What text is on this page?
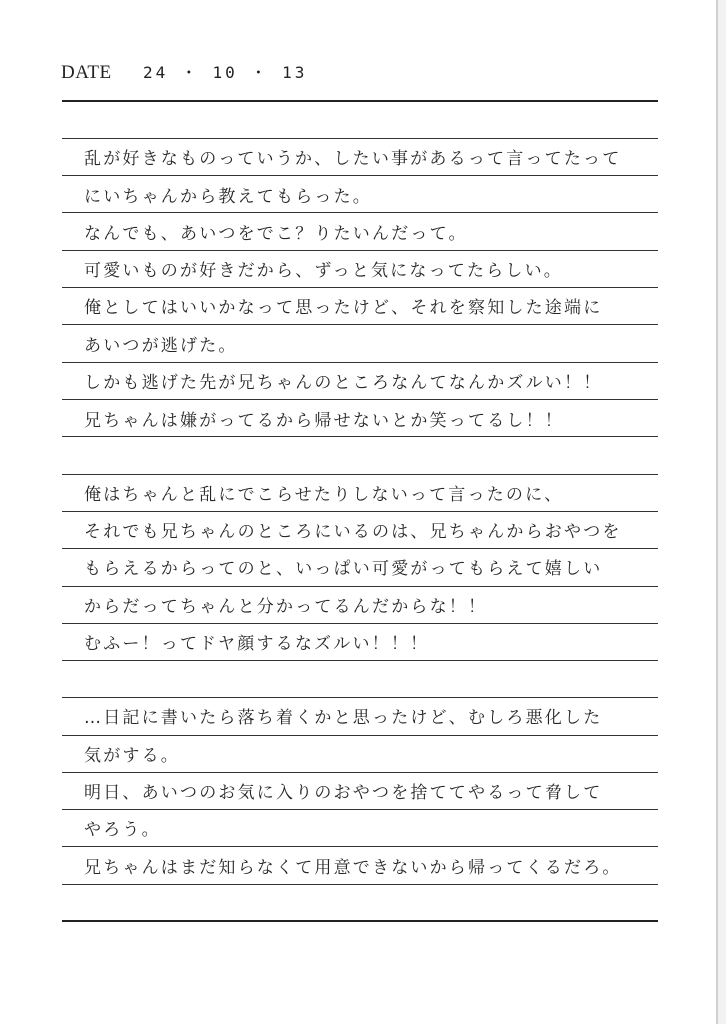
DATE 24 ・ 10 ・ 13
乱が好きなものっていうか、したい事があるって言ってたって
にいちゃんから教えてもらった。
なんでも、あいつをでこ？りたいんだって。
可愛いものが好きだから、ずっと気になってたらしい。
俺としてはいいかなって思ったけど、それを察知した途端に
あいつが逃げた。
しかも逃げた先が兄ちゃんのところなんてなんかズルい！！
兄ちゃんは嫌がってるから帰せないとか笑ってるし！！
俺はちゃんと乱にでこらせたりしないって言ったのに、
それでも兄ちゃんのところにいるのは、兄ちゃんからおやつを
もらえるからってのと、いっぱい可愛がってもらえて嬉しい
からだってちゃんと分かってるんだからな！！
むふー！ってドヤ顔するなズルい！！！
…日記に書いたら落ち着くかと思ったけど、むしろ悪化した
気がする。
明日、あいつのお気に入りのおやつを捨ててやるって脅して
やろう。
兄ちゃんはまだ知らなくて用意できないから帰ってくるだろ。
